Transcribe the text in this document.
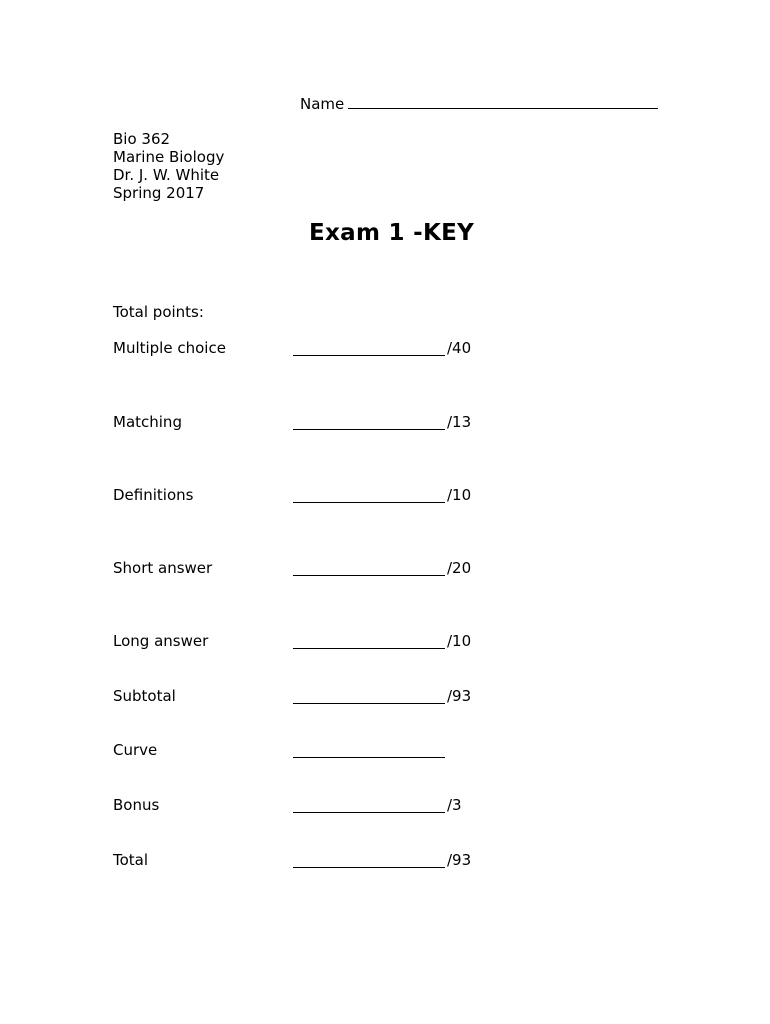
Name
Bio 362
Marine Biology
Dr. J. W. White
Spring 2017
Exam 1 -KEY
Total points:
Multiple choice	/40
Matching	/13
Definitions	/10
Short answer	/20
Long answer	/10
Subtotal	/93
Curve
Bonus	/3
Total	/93
